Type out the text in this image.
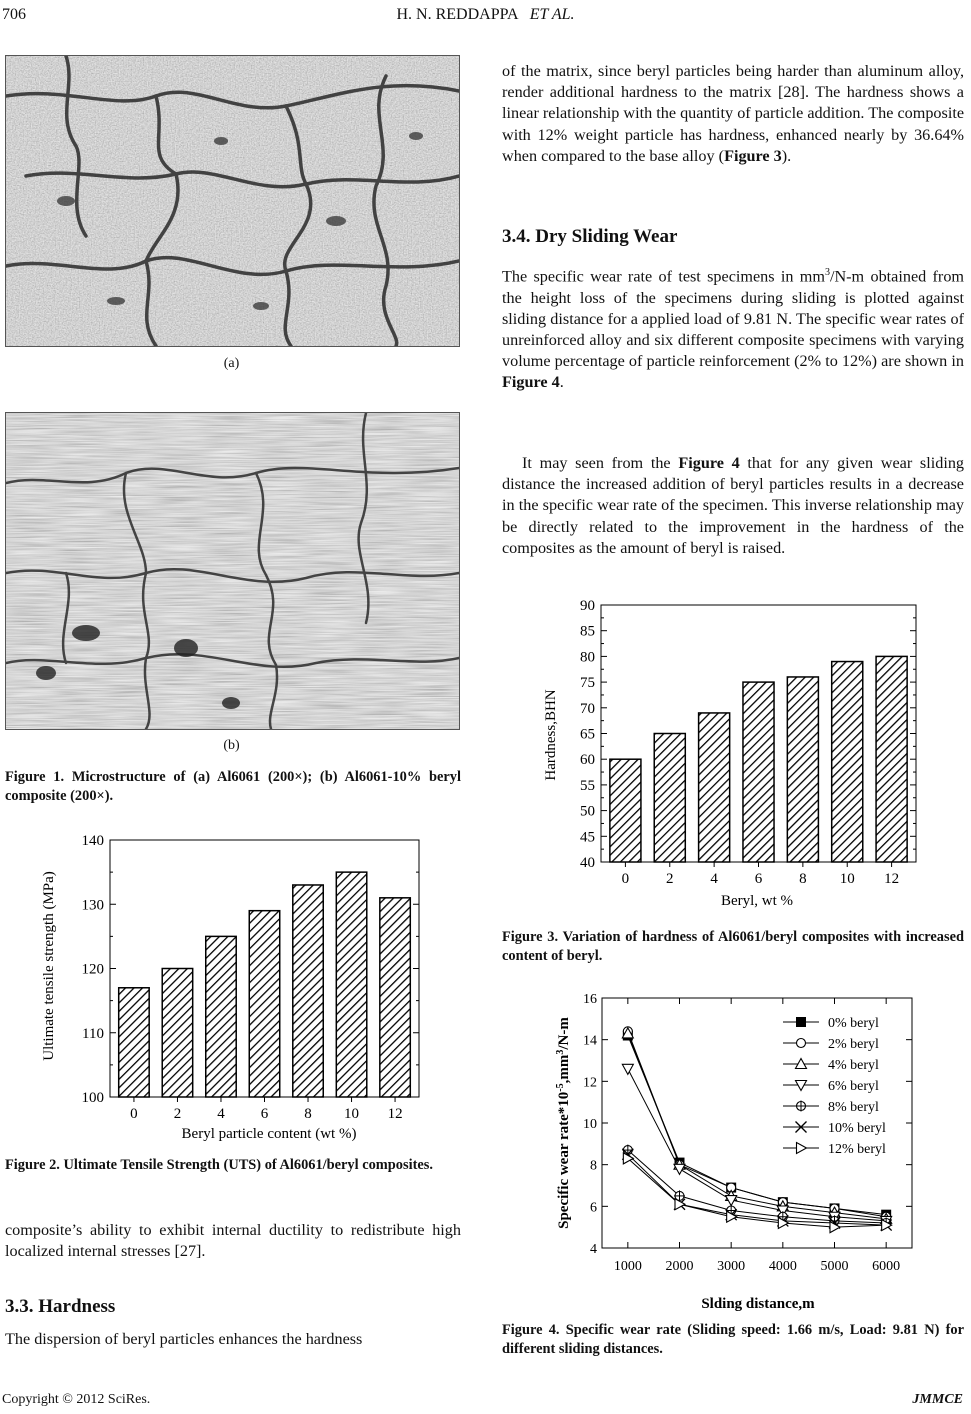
706	H. N. REDDAPPA ET AL.
(a)
(b)

Figure 1. Microstructure of (a) Al6061 (200×); (b) Al6061-10% beryl composite (200×).

100
110
120
130
140
0 2 4 6 8 10 12
Beryl particle content (wt %)
Ultimate tensile strength (MPa)

Figure 2. Ultimate Tensile Strength (UTS) of Al6061/beryl composites.

composite’s ability to exhibit internal ductility to redistribute high localized internal stresses [27].

3.3. Hardness

The dispersion of beryl particles enhances the hardness

of the matrix, since beryl particles being harder than aluminum alloy, render additional hardness to the matrix [28]. The hardness shows a linear relationship with the quantity of particle addition. The composite with 12% weight particle has hardness, enhanced nearly by 36.64% when compared to the base alloy (Figure 3).

3.4. Dry Sliding Wear

The specific wear rate of test specimens in $mm^3/N-m$ obtained from the height loss of the specimens during sliding is plotted against sliding distance for a applied load of 9.81 N. The specific wear rates of unreinforced alloy and six different composite specimens with varying volume percentage of particle reinforcement (2% to 12%) are shown in Figure 4.

It may seen from the Figure 4 that for any given wear sliding distance the increased addition of beryl particles results in a decrease in the specific wear rate of the specimen. This inverse relationship may be directly related to the improvement in the hardness of the composites as the amount of beryl is raised.

40
45
50
55
60
65
70
75
80
85
90
0 2 4 6 8 10 12
Beryl, wt %
Hardness,BHN

Figure 3. Variation of hardness of Al6061/beryl composites with increased content of beryl.

4
6
8
10
12
14
16
1000 2000 3000 4000 5000 6000
0% beryl
2% beryl
4% beryl
6% beryl
8% beryl
10% beryl
12% beryl
Slding distance,m
Specific wear $rate*10^{-5},mm^3/N-m$

Figure 4. Specific wear rate (Sliding speed: 1.66 m/s, Load: 9.81 N) for different sliding distances.

Copyright © 2012 SciRes.	JMMCE
